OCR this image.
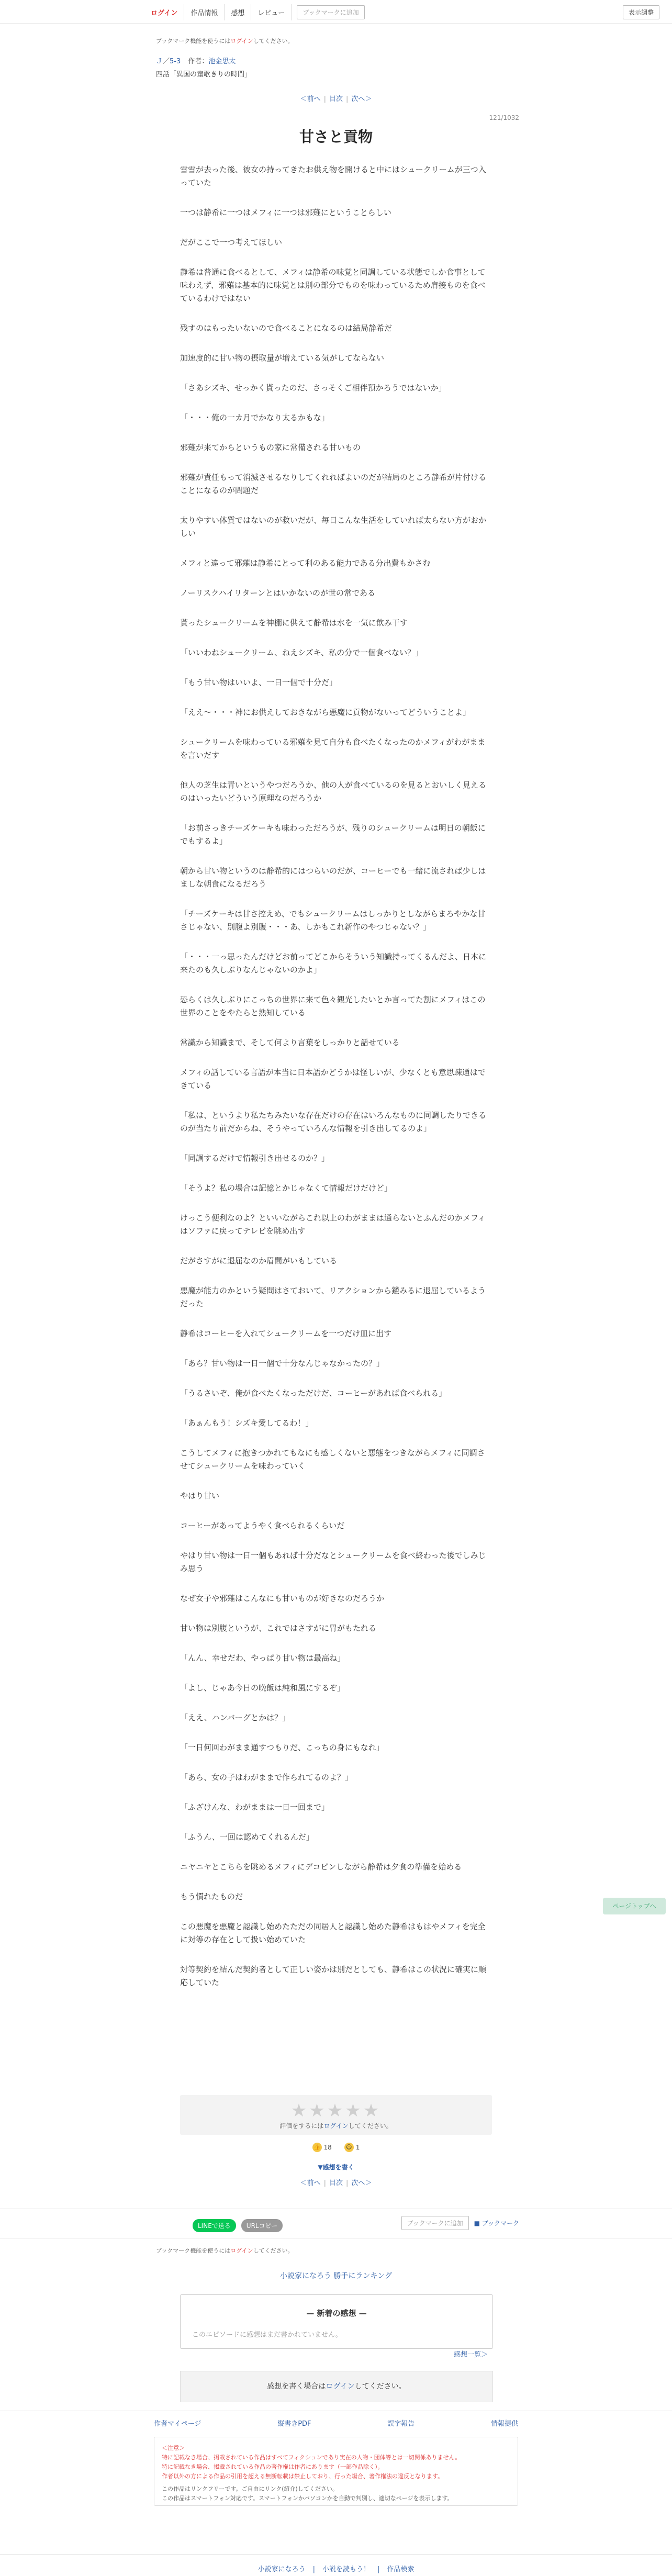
ログイン	作品情報	感想	レビュー	ブックマークに追加	表示調整
ブックマーク機能を使うにはログインしてください。
Ｊ／5-3 作者：池金思太
四話「異国の童歌きりの時間」
＜前へ | 目次 | 次へ＞
121/1032
甘さと貢物

雪雪が去った後、彼女の持ってきたお供え物を開けると中にはシュークリームが三つ入っていた

一つは静希に一つはメフィに一つは邪薙にということらしい

だがここで一つ考えてほしい

静希は普通に食べるとして、メフィは静希の味覚と同調している状態でしか食事として味わえず、邪薙は基本的に味覚とは別の部分でものを味わっているため肩接ものを食べているわけではない

残すのはもったいないので食べることになるのは結局静希だ

加速度的に甘い物の摂取量が増えている気がしてならない

「さあシズキ、せっかく貰ったのだ、さっそくご相伴預かろうではないか」

「・・・俺の一カ月でかなり太るかもな」

邪薙が来てからというもの家に常備される甘いもの

邪薙が責任もって消滅させるなりしてくれればよいのだが結局のところ静希が片付けることになるのが問題だ

太りやすい体質ではないのが救いだが、毎日こんな生活をしていれば太らない方がおかしい

メフィと違って邪薙は静希にとって利のある能力である分出費もかさむ

ノーリスクハイリターンとはいかないのが世の常である

貰ったシュークリームを神棚に供えて静希は水を一気に飲み干す

「いいわねシュークリーム、ねえシズキ、私の分で一個食べない？」

「もう甘い物はいいよ、一日一個で十分だ」

「ええ～・・・神にお供えしておきながら悪魔に貢物がないってどういうことよ」

シュークリームを味わっている邪薙を見て自分も食べたくなったのかメフィがわがままを言いだす

他人の芝生は青いというやつだろうか、他の人が食べているのを見るとおいしく見えるのはいったいどういう原理なのだろうか

「お前さっきチーズケーキも味わっただろうが、残りのシュークリームは明日の朝飯にでもするよ」

朝から甘い物というのは静希的にはつらいのだが、コーヒーでも一緒に流されば少しはましな朝食になるだろう

「チーズケーキは甘さ控えめ、でもシュークリームはしっかりとしながらまろやかな甘さじゃない、別腹よ別腹・・・あ、しかもこれ新作のやつじゃない？」

「・・・一っ思ったんだけどお前ってどこからそういう知識持ってくるんだよ、日本に来たのも久しぶりなんじゃないのかよ」

恐らくは久しぶりにこっちの世界に来て色々観光したいとか言ってた割にメフィはこの世界のことをやたらと熟知している

常識から知識まで、そして何より言葉をしっかりと話せている

メフィの話している言語が本当に日本語かどうかは怪しいが、少なくとも意思疎通はできている

「私は、というより私たちみたいな存在だけの存在はいろんなものに同調したりできるのが当たり前だからね、そうやっていろんな情報を引き出してるのよ」

「同調するだけで情報引き出せるのか？」

「そうよ？私の場合は記憶とかじゃなくて情報だけだけど」

けっこう便利なのよ？といいながらこれ以上のわがままは通らないとふんだのかメフィはソファに戻ってテレビを眺め出す

だがさすがに退屈なのか眉間がいもしている

悪魔が能力のかという疑問はさておいて、リアクションから鑑みるに退屈しているようだった

静希はコーヒーを入れてシュークリームを一つだけ皿に出す

「あら？甘い物は一日一個で十分なんじゃなかったの？」

「うるさいぞ、俺が食べたくなっただけだ、コーヒーがあれば食べられる」

「あぁんもう！シズキ愛してるわ！」

こうしてメフィに抱きつかれてもなにも感しくないと悪態をつきながらメフィに同調させてシュークリームを味わっていく

やはり甘い

コーヒーがあってようやく食べられるくらいだ

やはり甘い物は一日一個もあれば十分だなとシュークリームを食べ終わった後でしみじみ思う

なぜ女子や邪薙はこんなにも甘いものが好きなのだろうか

甘い物は別腹というが、これではさすがに胃がもたれる

「んん、幸せだわ、やっぱり甘い物は最高ね」

「よし、じゃあ今日の晩飯は純和風にするぞ」

「ええ、ハンバーグとかは？」

「一日何回わがまま通すつもりだ、こっちの身にもなれ」

「あら、女の子はわがままで作られてるのよ？」

「ふざけんな、わがままは一日一回まで」

「ふうん、一回は認めてくれるんだ」

ニヤニヤとこちらを眺めるメフィにデコピンしながら静希は夕食の準備を始める

もう慣れたものだ

この悪魔を悪魔と認識し始めたただの同居人と認識し始めた静希はもはやメフィを完全に対等の存在として扱い始めていた

対等契約を結んだ契約者として正しい姿かは別だとしても、静希はこの状況に確実に順応していた

ページトップへ
★★★★★
評価をするにはログインしてください。
👍 18
☺ 1
▼感想を書く
＜前へ | 目次 | 次へ＞
LINEで送る	URLコピー	ブックマークに追加	■ ブックマーク
ブックマーク機能を使うにはログインしてください。
小説家になろう 勝手にランキング
— 新着の感想 —
このエピソードに感想はまだ書かれていません。
感想一覧＞
感想を書く場合はログインしてください。
作者マイページ	縦書きPDF	誤字報告	情報提供
＜注意＞
特に記載なき場合、掲載されている作品はすべてフィクションであり実在の人物・団体等とは一切関係ありません。
特に記載なき場合、掲載されている作品の著作権は作者にあります（一部作品除く）。
作者以外の方による作品の引用を超える無断転載は禁止しており、行った場合、著作権法の違反となります。
この作品はリンクフリーです。ご自由にリンク(紹介)してください。
この作品はスマートフォン対応です。スマートフォンかパソコンかを自動で判別し、適切なページを表示します。
小説家になろう | 小説を読もう！ | 作品検索
